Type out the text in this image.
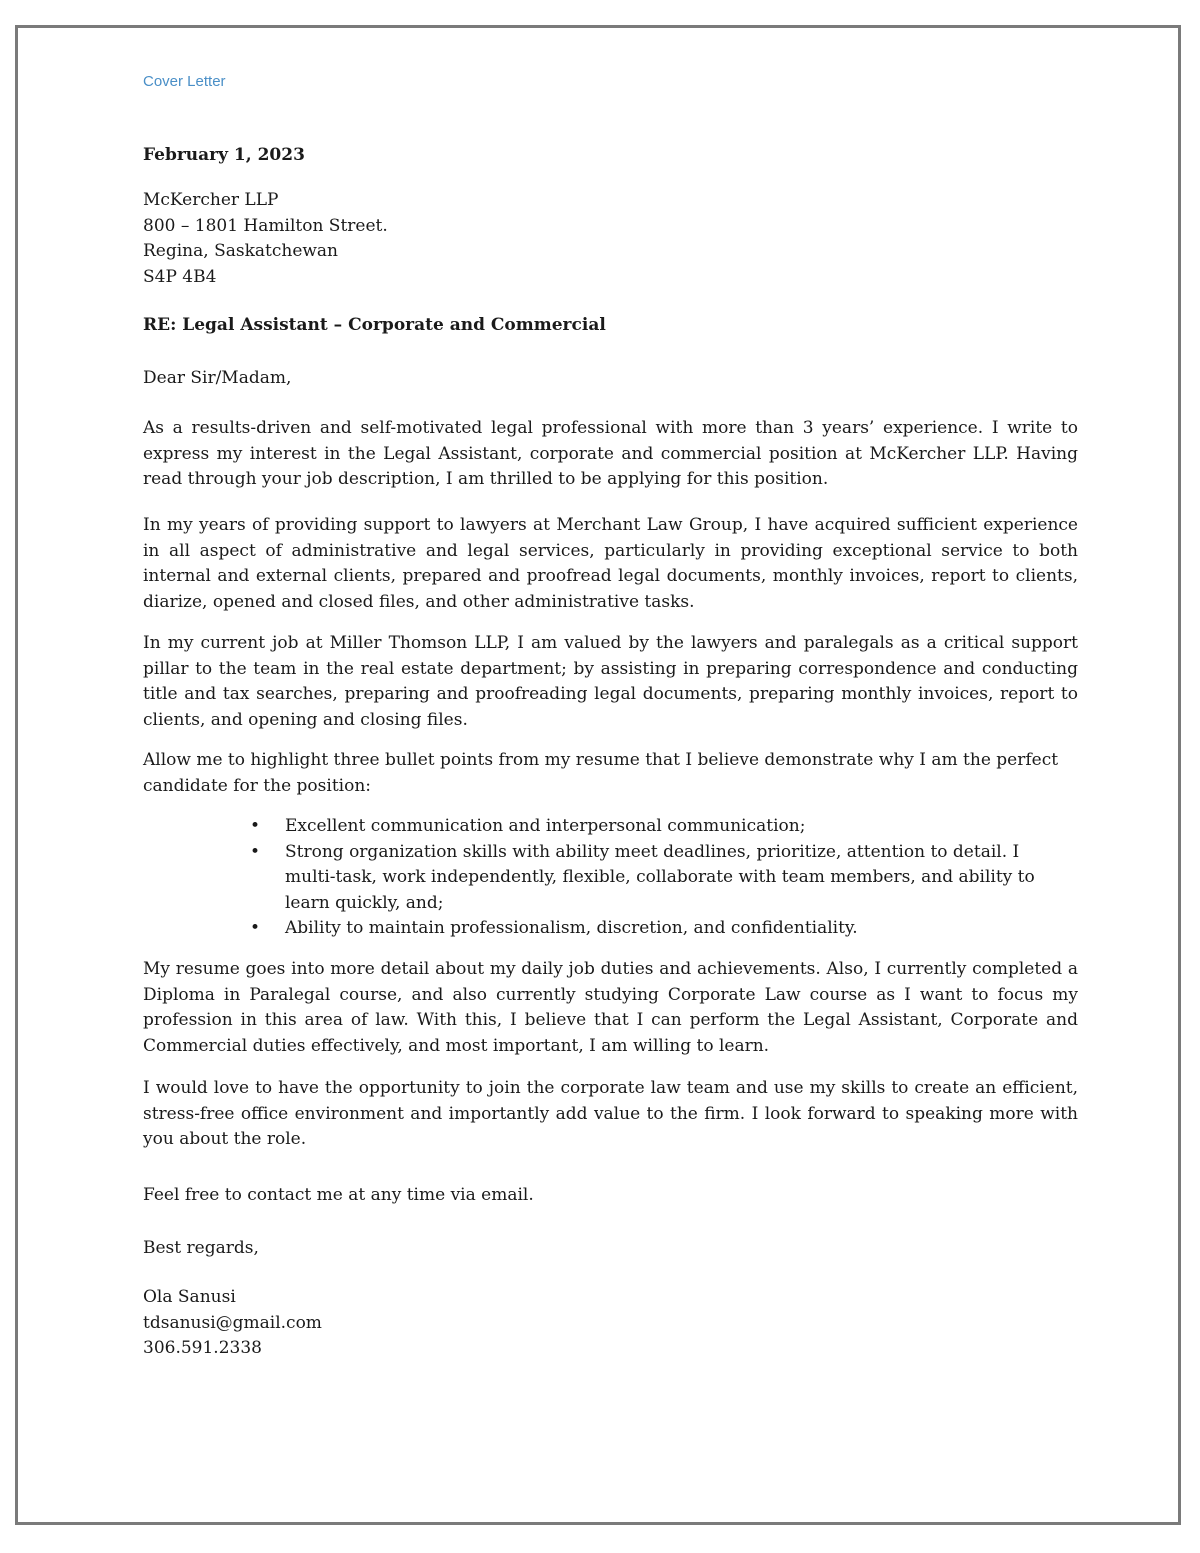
Cover Letter
February 1, 2023
McKercher LLP
800 – 1801 Hamilton Street.
Regina, Saskatchewan
S4P 4B4
RE: Legal Assistant – Corporate and Commercial
Dear Sir/Madam,

As a results-driven and self-motivated legal professional with more than 3 years’ experience. I write to express my interest in the Legal Assistant, corporate and commercial position at McKercher LLP. Having read through your job description, I am thrilled to be applying for this position.

In my years of providing support to lawyers at Merchant Law Group, I have acquired sufficient experience in all aspect of administrative and legal services, particularly in providing exceptional service to both internal and external clients, prepared and proofread legal documents, monthly invoices, report to clients, diarize, opened and closed files, and other administrative tasks.

In my current job at Miller Thomson LLP, I am valued by the lawyers and paralegals as a critical support pillar to the team in the real estate department; by assisting in preparing correspondence and conducting title and tax searches, preparing and proofreading legal documents, preparing monthly invoices, report to clients, and opening and closing files.

Allow me to highlight three bullet points from my resume that I believe demonstrate why I am the perfect candidate for the position:

• Excellent communication and interpersonal communication;
• Strong organization skills with ability meet deadlines, prioritize, attention to detail. I multi-task, work independently, flexible, collaborate with team members, and ability to learn quickly, and;
• Ability to maintain professionalism, discretion, and confidentiality.

My resume goes into more detail about my daily job duties and achievements. Also, I currently completed a Diploma in Paralegal course, and also currently studying Corporate Law course as I want to focus my profession in this area of law. With this, I believe that I can perform the Legal Assistant, Corporate and Commercial duties effectively, and most important, I am willing to learn.

I would love to have the opportunity to join the corporate law team and use my skills to create an efficient, stress-free office environment and importantly add value to the firm. I look forward to speaking more with you about the role.

Feel free to contact me at any time via email.

Best regards,
Ola Sanusi
tdsanusi@gmail.com
306.591.2338
